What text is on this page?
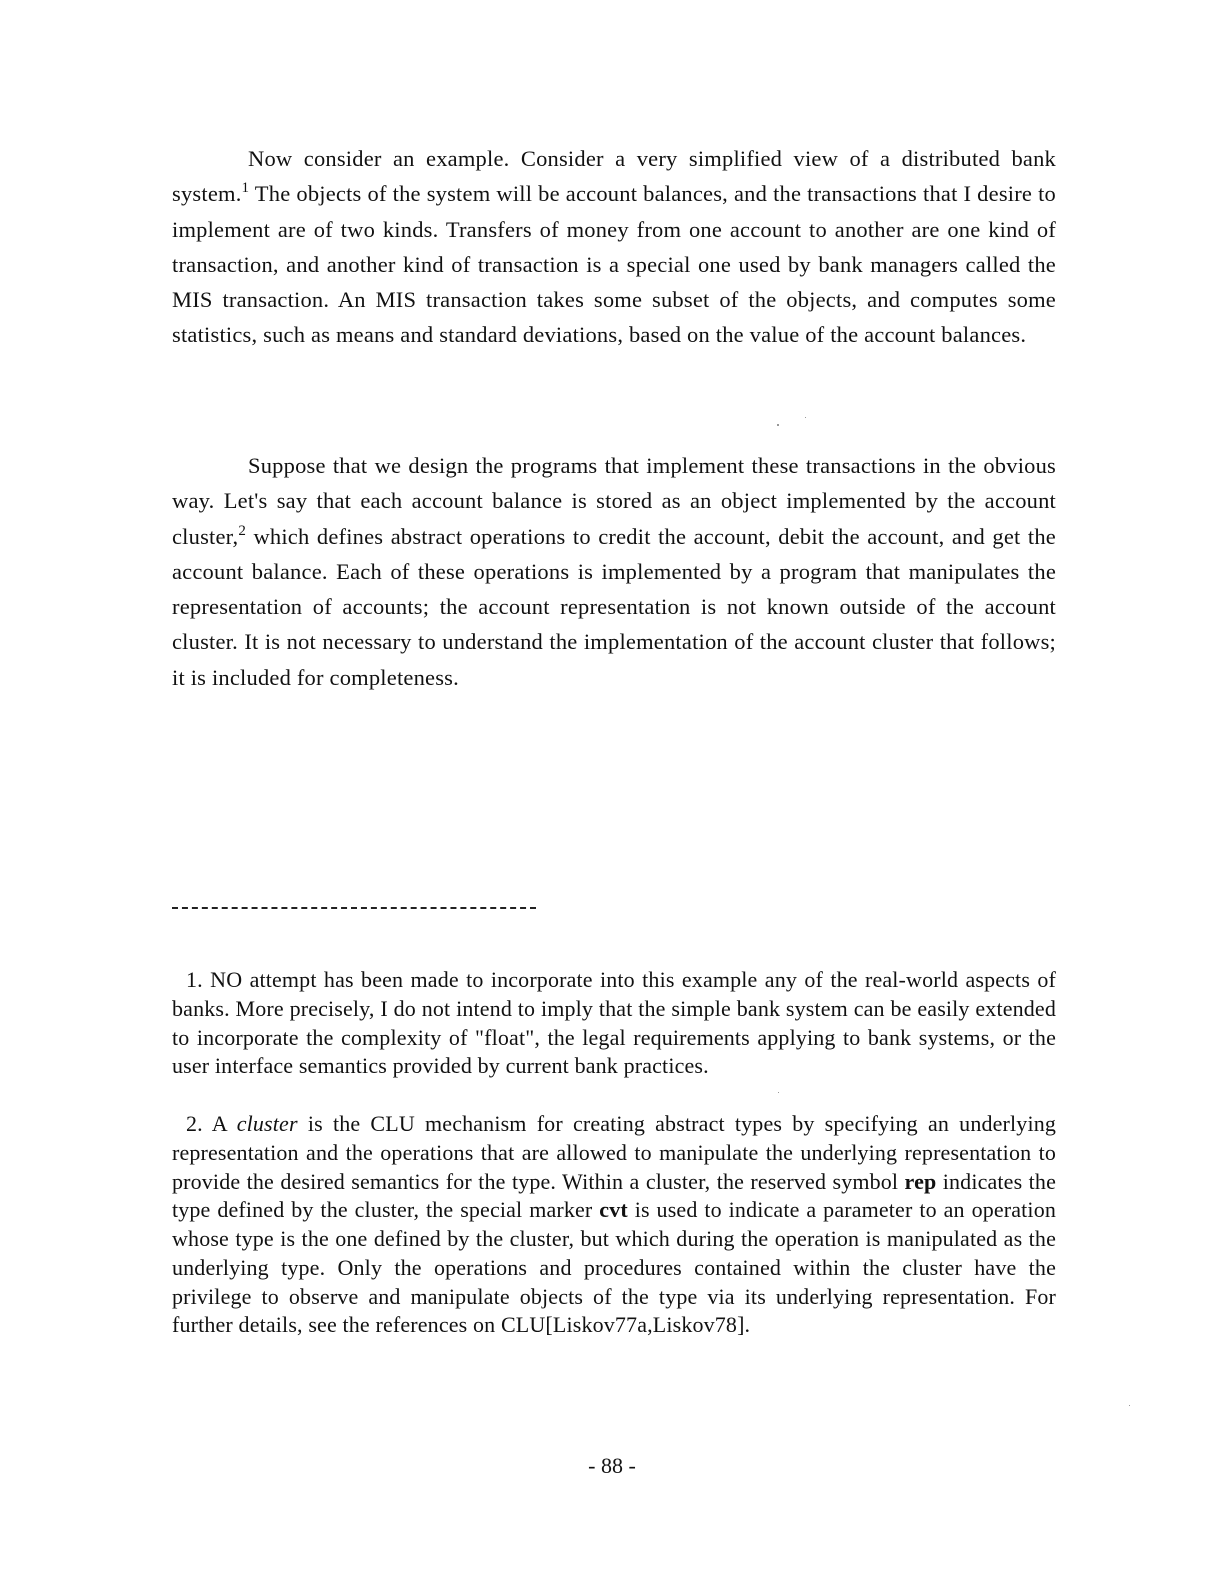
Now consider an example. Consider a very simplified view of a distributed bank system.$^1$ The objects of the system will be account balances, and the transactions that I desire to implement are of two kinds. Transfers of money from one account to another are one kind of transaction, and another kind of transaction is a special one used by bank managers called the MIS transaction. An MIS transaction takes some subset of the objects, and computes some statistics, such as means and standard deviations, based on the value of the account balances.

Suppose that we design the programs that implement these transactions in the obvious way. Let's say that each account balance is stored as an object implemented by the account cluster,$^2$ which defines abstract operations to credit the account, debit the account, and get the account balance. Each of these operations is implemented by a program that manipulates the representation of accounts; the account representation is not known outside of the account cluster. It is not necessary to understand the implementation of the account cluster that follows; it is included for completeness.

1. NO attempt has been made to incorporate into this example any of the real-world aspects of banks. More precisely, I do not intend to imply that the simple bank system can be easily extended to incorporate the complexity of "float", the legal requirements applying to bank systems, or the user interface semantics provided by current bank practices.

2. A cluster is the CLU mechanism for creating abstract types by specifying an underlying representation and the operations that are allowed to manipulate the underlying representation to provide the desired semantics for the type. Within a cluster, the reserved symbol rep indicates the type defined by the cluster, the special marker cvt is used to indicate a parameter to an operation whose type is the one defined by the cluster, but which during the operation is manipulated as the underlying type. Only the operations and procedures contained within the cluster have the privilege to observe and manipulate objects of the type via its underlying representation. For further details, see the references on CLU[Liskov77a,Liskov78].

- 88 -
